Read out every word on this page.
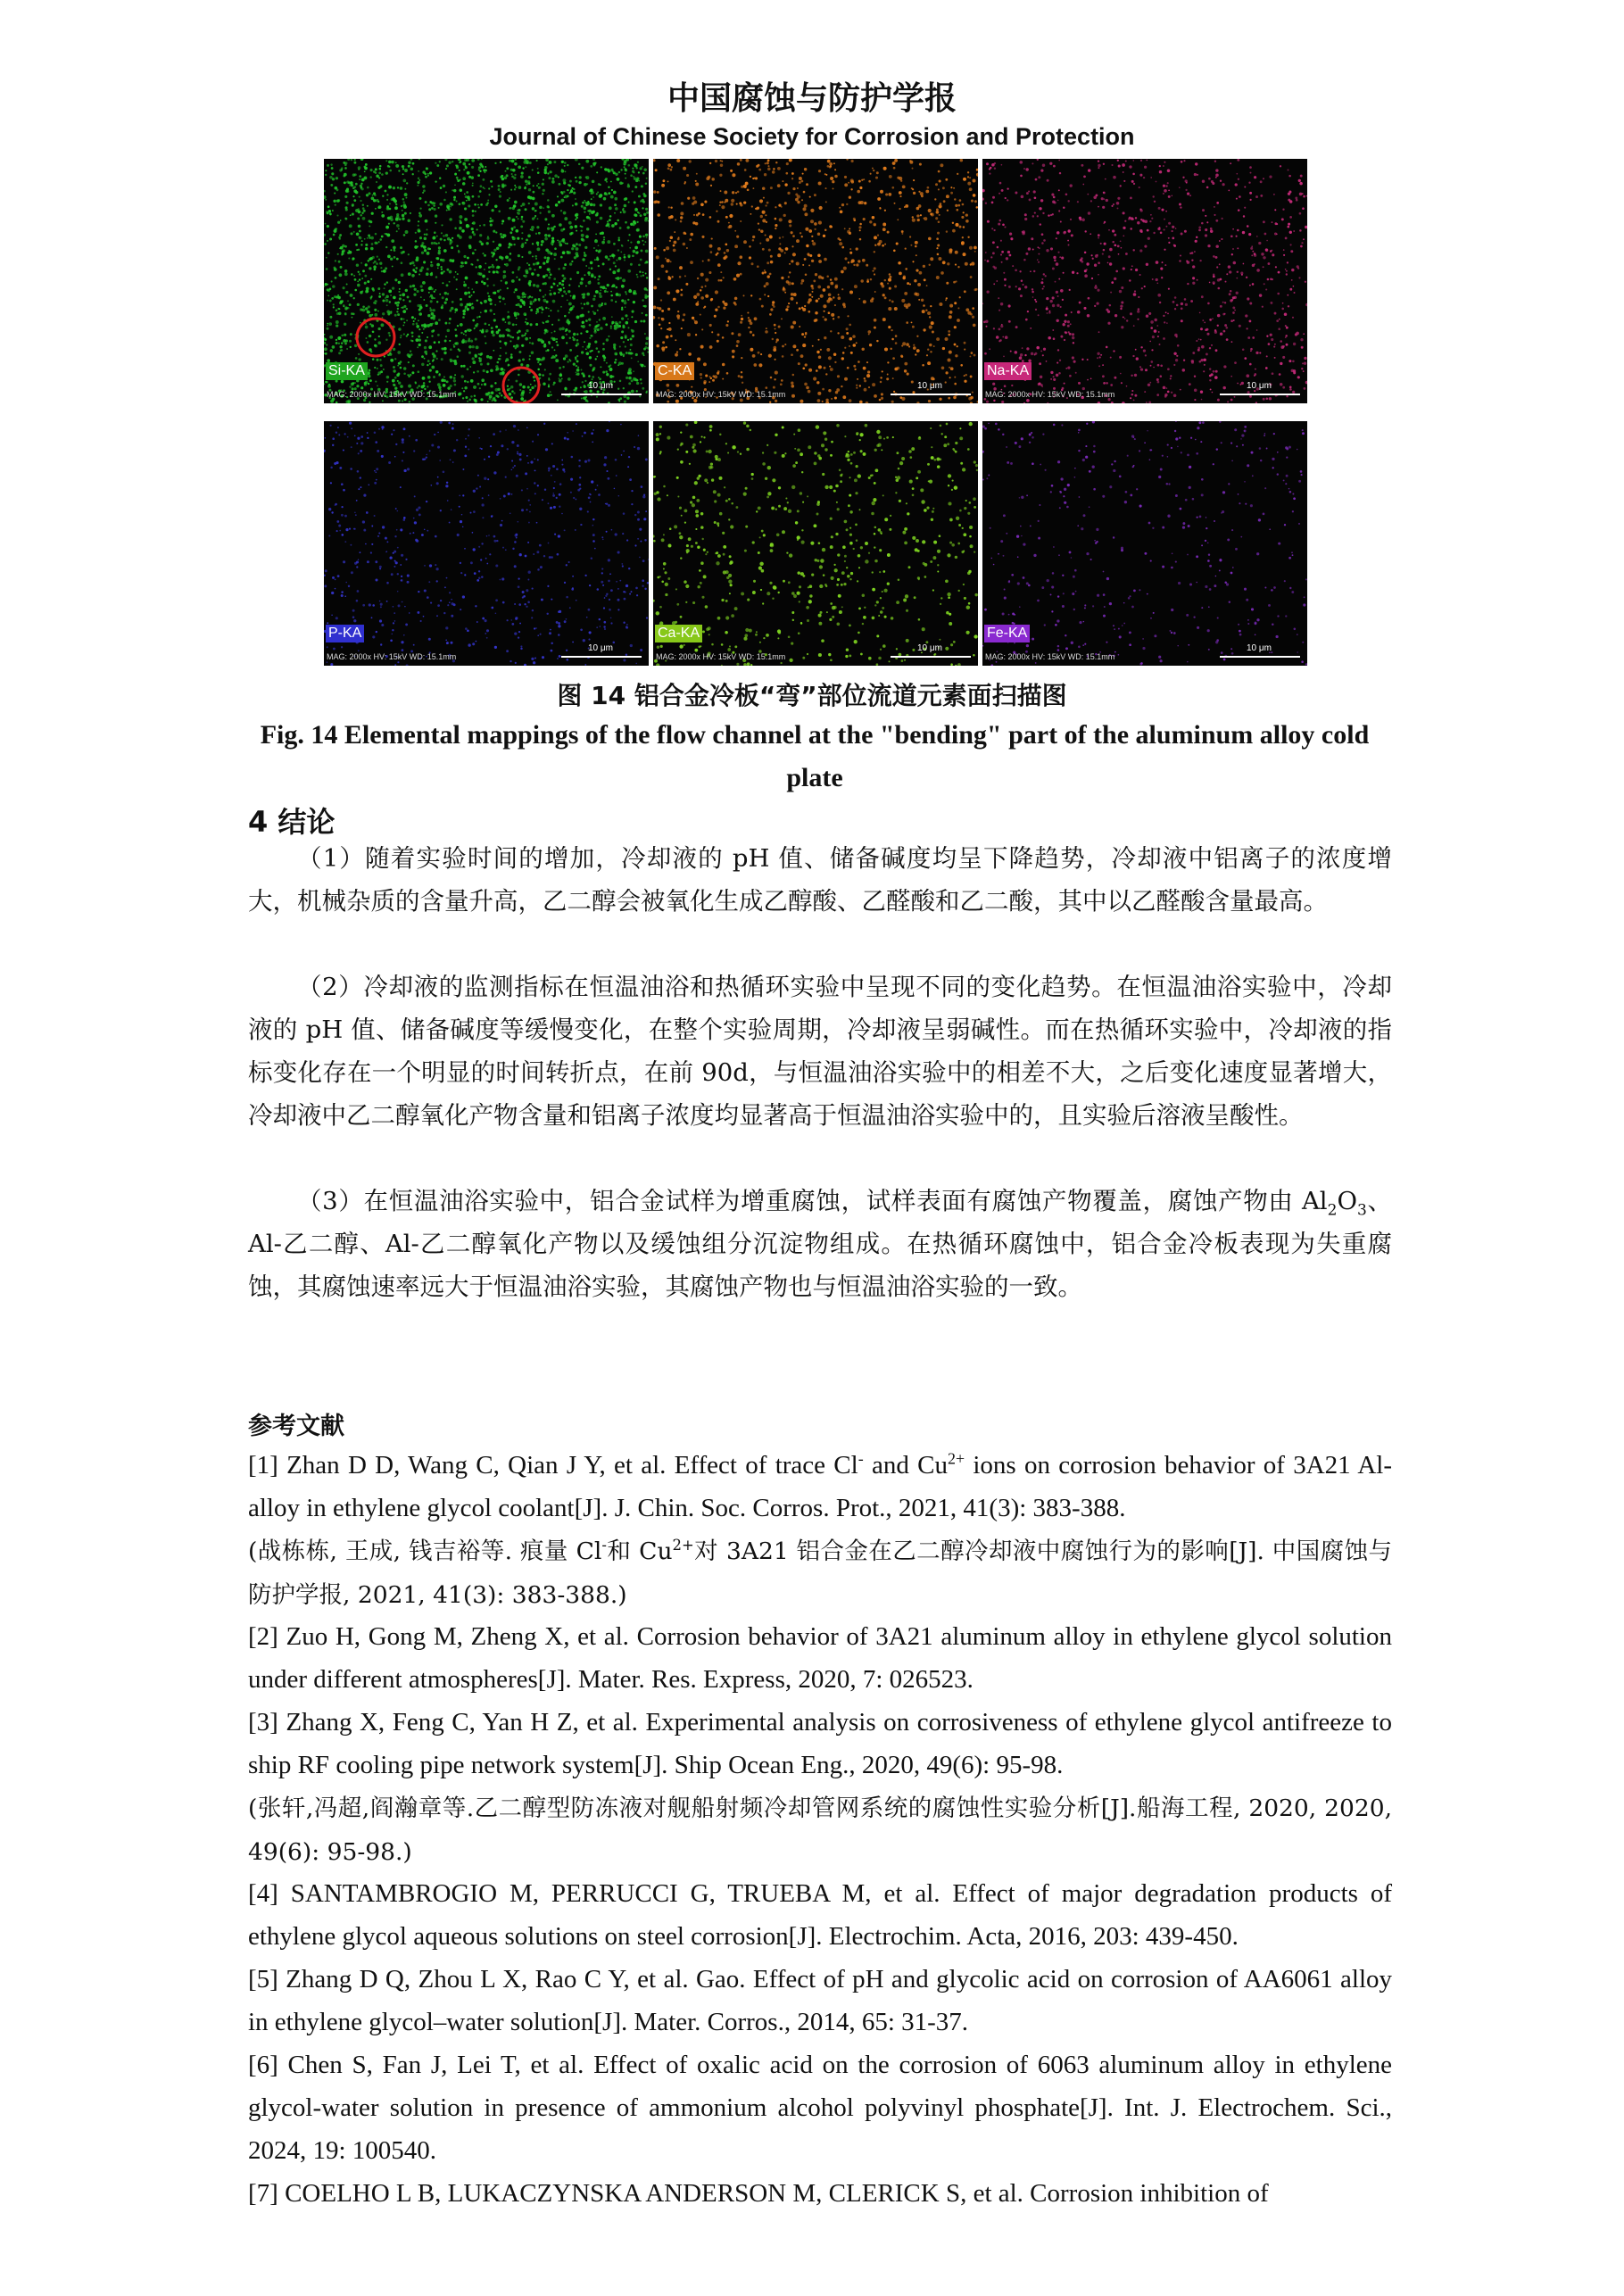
中国腐蚀与防护学报
Journal of Chinese Society for Corrosion and Protection
Si-KA
MAG: 2000x HV: 15kV WD: 15.1mm
10 μm
C-KA
MAG: 2000x HV: 15kV WD: 15.1mm
10 μm
Na-KA
MAG: 2000x HV: 15kV WD: 15.1mm
10 μm
P-KA
MAG: 2000x HV: 15kV WD: 15.1mm
10 μm
Ca-KA
MAG: 2000x HV: 15kV WD: 15.1mm
10 μm
Fe-KA
MAG: 2000x HV: 15kV WD: 15.1mm
10 μm
图 14 铝合金冷板“弯”部位流道元素面扫描图
Fig. 14 Elemental mappings of the flow channel at the "bending" part of the aluminum alloy cold plate
4 结论
（1）随着实验时间的增加，冷却液的 pH 值、储备碱度均呈下降趋势，冷却液中铝离子的浓度增大，机械杂质的含量升高，乙二醇会被氧化生成乙醇酸、乙醛酸和乙二酸，其中以乙醛酸含量最高。
（2）冷却液的监测指标在恒温油浴和热循环实验中呈现不同的变化趋势。在恒温油浴实验中，冷却液的 pH 值、储备碱度等缓慢变化，在整个实验周期，冷却液呈弱碱性。而在热循环实验中，冷却液的指标变化存在一个明显的时间转折点，在前 90d，与恒温油浴实验中的相差不大，之后变化速度显著增大，冷却液中乙二醇氧化产物含量和铝离子浓度均显著高于恒温油浴实验中的，且实验后溶液呈酸性。
（3）在恒温油浴实验中，铝合金试样为增重腐蚀，试样表面有腐蚀产物覆盖，腐蚀产物由 $Al_2O_3$、Al-乙二醇、Al-乙二醇氧化产物以及缓蚀组分沉淀物组成。在热循环腐蚀中，铝合金冷板表现为失重腐蚀，其腐蚀速率远大于恒温油浴实验，其腐蚀产物也与恒温油浴实验的一致。
参考文献
[1] Zhan D D, Wang C, Qian J Y, et al. Effect of trace Cl- and $Cu^{2+}$ ions on corrosion behavior of 3A21 Al-alloy in ethylene glycol coolant[J]. J. Chin. Soc. Corros. Prot., 2021, 41(3): 383-388.
(战栋栋, 王成, 钱吉裕等. 痕量 Cl-和 $Cu^{2+}$对 3A21 铝合金在乙二醇冷却液中腐蚀行为的影响[J]. 中国腐蚀与防护学报, 2021, 41(3): 383-388.)
[2] Zuo H, Gong M, Zheng X, et al. Corrosion behavior of 3A21 aluminum alloy in ethylene glycol solution under different atmospheres[J]. Mater. Res. Express, 2020, 7: 026523.
[3] Zhang X, Feng C, Yan H Z, et al. Experimental analysis on corrosiveness of ethylene glycol antifreeze to ship RF cooling pipe network system[J]. Ship Ocean Eng., 2020, 49(6): 95-98.
(张轩,冯超,阎瀚章等.乙二醇型防冻液对舰船射频冷却管网系统的腐蚀性实验分析[J].船海工程, 2020, 2020, 49(6): 95-98.)
[4] SANTAMBROGIO M, PERRUCCI G, TRUEBA M, et al. Effect of major degradation products of ethylene glycol aqueous solutions on steel corrosion[J]. Electrochim. Acta, 2016, 203: 439-450.
[5] Zhang D Q, Zhou L X, Rao C Y, et al. Gao. Effect of pH and glycolic acid on corrosion of AA6061 alloy in ethylene glycol–water solution[J]. Mater. Corros., 2014, 65: 31-37.
[6] Chen S, Fan J, Lei T, et al. Effect of oxalic acid on the corrosion of 6063 aluminum alloy in ethylene glycol-water solution in presence of ammonium alcohol polyvinyl phosphate[J]. Int. J. Electrochem. Sci., 2024, 19: 100540.
[7] COELHO L B, LUKACZYNSKA ANDERSON M, CLERICK S, et al. Corrosion inhibition of
